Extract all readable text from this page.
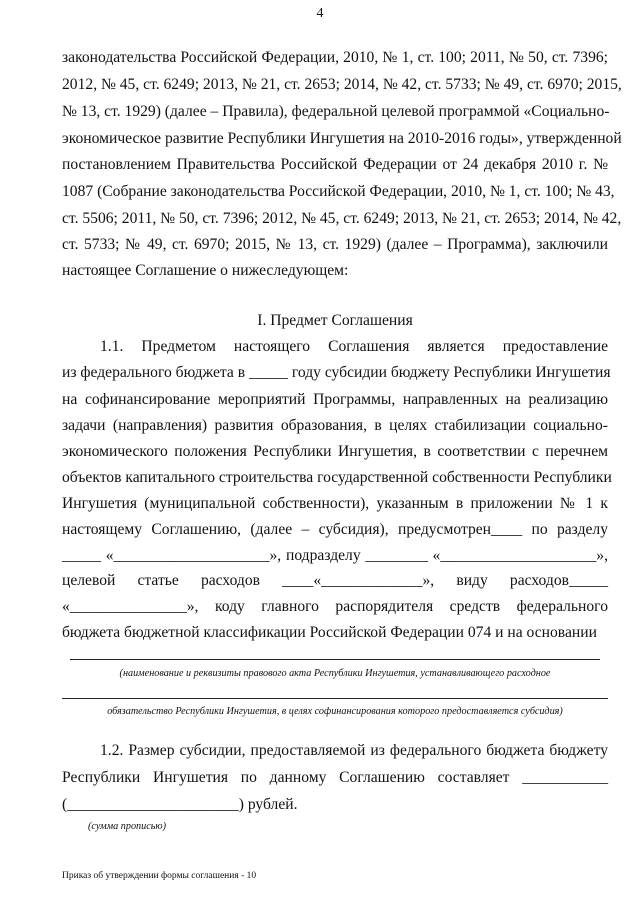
4
законодательства Российской Федерации, 2010, № 1, ст. 100; 2011, № 50, ст. 7396;
2012, № 45, ст. 6249; 2013, № 21, ст. 2653; 2014, № 42, ст. 5733; № 49, ст. 6970; 2015,
№ 13, ст. 1929) (далее – Правила), федеральной целевой программой «Социально-
экономическое развитие Республики Ингушетия на 2010-2016 годы», утвержденной
постановлением Правительства Российской Федерации от 24 декабря 2010 г. №
1087 (Собрание законодательства Российской Федерации, 2010, № 1, ст. 100; № 43,
ст. 5506; 2011, № 50, ст. 7396; 2012, № 45, ст. 6249; 2013, № 21, ст. 2653; 2014, № 42,
ст. 5733; № 49, ст. 6970; 2015, № 13, ст. 1929) (далее – Программа), заключили
настоящее Соглашение о нижеследующем:
I. Предмет Соглашения
1.1. Предметом настоящего Соглашения является предоставление
из федерального бюджета в _____ году субсидии бюджету Республики Ингушетия
на софинансирование мероприятий Программы, направленных на реализацию
задачи (направления) развития образования, в целях стабилизации социально-
экономического положения Республики Ингушетия, в соответствии с перечнем
объектов капитального строительства государственной собственности Республики
Ингушетия (муниципальной собственности), указанным в приложении № 1 к
настоящему Соглашению, (далее – субсидия), предусмотрен____ по разделу
_____ «____________________», подразделу ________ «____________________»,
целевой статье расходов ____«_____________», виду расходов_____
«_______________», коду главного распорядителя средств федерального
бюджета бюджетной классификации Российской Федерации 074 и на основании
(наименование и реквизиты правового акта Республики Ингушетия, устанавливающего расходное
обязательство Республики Ингушетия, в целях софинансирования которого предоставляется субсидия)
1.2. Размер субсидии, предоставляемой из федерального бюджета бюджету
Республики Ингушетия по данному Соглашению составляет ___________
(______________________) рублей.
(сумма прописью)
Приказ об утверждении формы соглашения - 10
